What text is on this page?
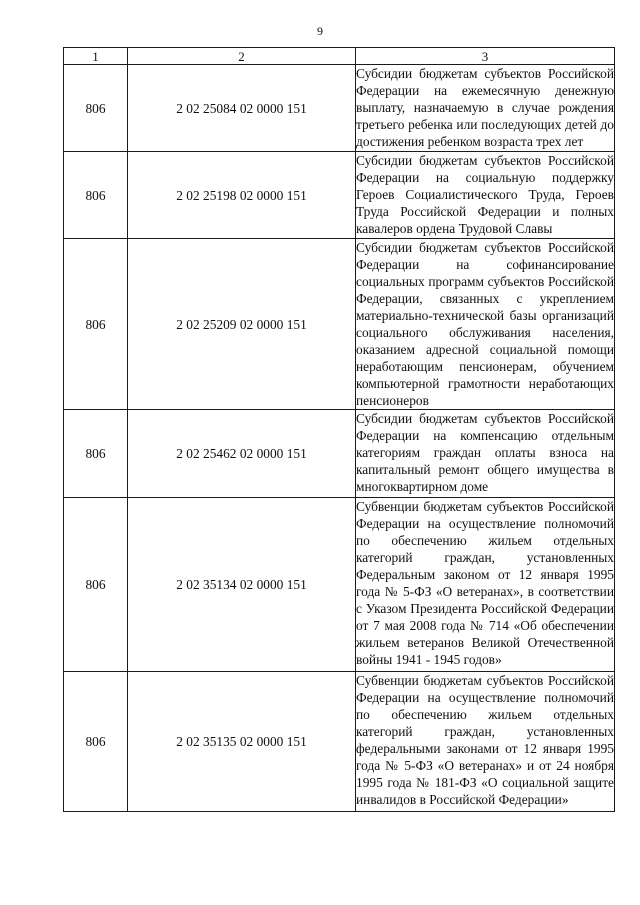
9
1	2	3
806	2 02 25084 02 0000 151	Субсидии бюджетам субъектов Российской Федерации на ежемесячную денежную выплату, назначаемую в случае рождения третьего ребенка или последующих детей до достижения ребенком возраста трех лет
806	2 02 25198 02 0000 151	Субсидии бюджетам субъектов Российской Федерации на социальную поддержку Героев Социалистического Труда, Героев Труда Российской Федерации и полных кавалеров ордена Трудовой Славы
806	2 02 25209 02 0000 151	Субсидии бюджетам субъектов Российской Федерации на софинансирование социальных программ субъектов Российской Федерации, связанных с укреплением материально-технической базы организаций социального обслуживания населения, оказанием адресной социальной помощи неработающим пенсионерам, обучением компьютерной грамотности неработающих пенсионеров
806	2 02 25462 02 0000 151	Субсидии бюджетам субъектов Российской Федерации на компенсацию отдельным категориям граждан оплаты взноса на капитальный ремонт общего имущества в многоквартирном доме
806	2 02 35134 02 0000 151	Субвенции бюджетам субъектов Российской Федерации на осуществление полномочий по обеспечению жильем отдельных категорий граждан, установленных Федеральным законом от 12 января 1995 года № 5-ФЗ «О ветеранах», в соответствии с Указом Президента Российской Федерации от 7 мая 2008 года № 714 «Об обеспечении жильем ветеранов Великой Отечественной войны 1941 - 1945 годов»
806	2 02 35135 02 0000 151	Субвенции бюджетам субъектов Российской Федерации на осуществление полномочий по обеспечению жильем отдельных категорий граждан, установленных федеральными законами от 12 января 1995 года № 5-ФЗ «О ветеранах» и от 24 ноября 1995 года № 181-ФЗ «О социальной защите инвалидов в Российской Федерации»
